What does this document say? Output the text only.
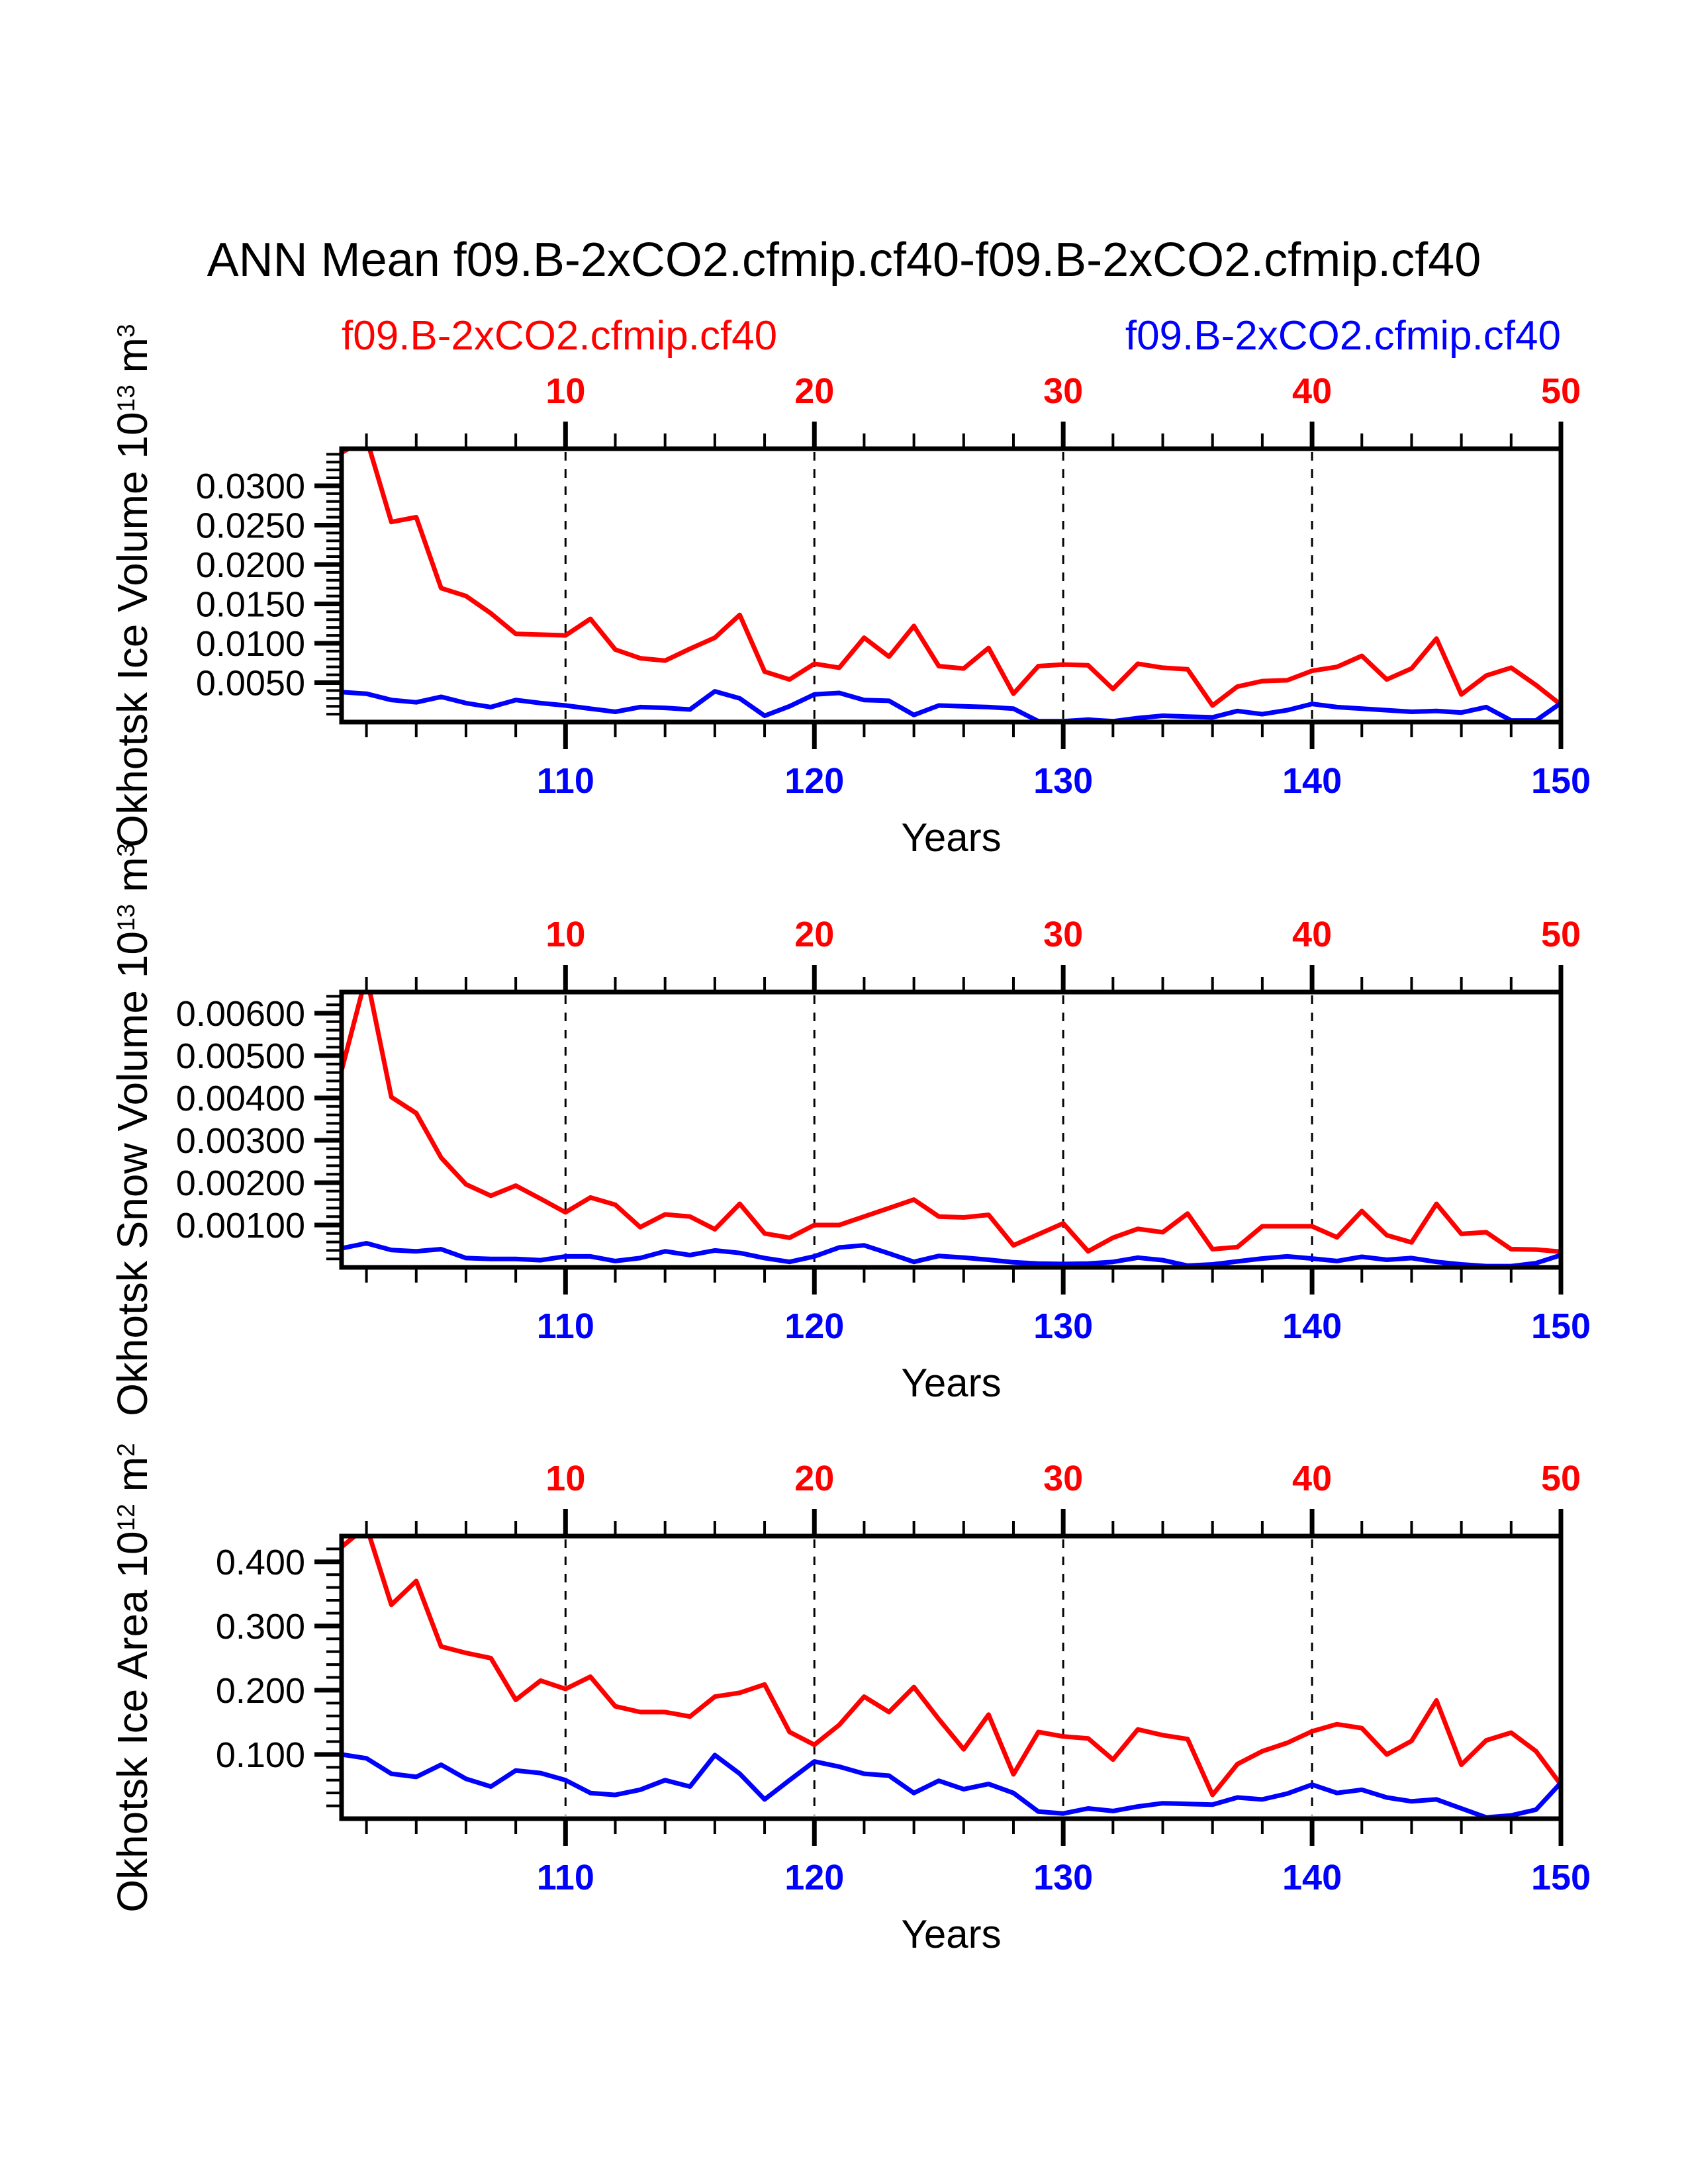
ANN Mean f09.B-2xCO2.cfmip.cf40-f09.B-2xCO2.cfmip.cf40
f09.B-2xCO2.cfmip.cf40	f09.B-2xCO2.cfmip.cf40
Okhotsk Ice Volume $10^{13}$ $m^3$
Okhotsk Snow Volume $10^{13}$ $m^3$
Okhotsk Ice Area $10^{12}$ $m^2$
110
10
120
20
130
30
140
40
150
50
0.0050
0.0100
0.0150
0.0200
0.0250
0.0300
Years
110
10
120
20
130
30
140
40
150
50
0.00100
0.00200
0.00300
0.00400
0.00500
0.00600
Years
110
10
120
20
130
30
140
40
150
50
0.100
0.200
0.300
0.400
Years
